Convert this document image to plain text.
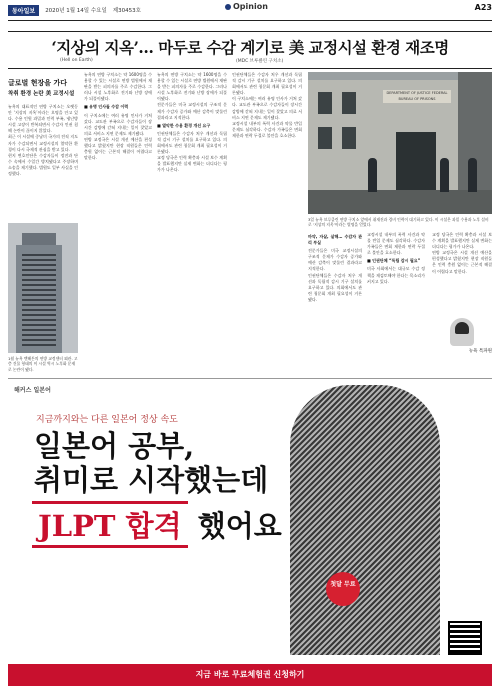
동아일보	2020년 1월 14일 수요일 제30453호	Opinion	A23
‘지상의 지옥’… 마두로 수감 계기로 美 교정시설 환경 재조명
(Hell on Earth)	(MDC 브루클린 구치소)
글로벌 현장을 가다
착취 환경 논란 美 교정시설

뉴욕의 대표적인 연방 구치소는 오랫동안 ‘지상의 지옥’이라는 오명을 안고 있다. 수용 인원 과밀과 인력 부족, 냉난방 시설 고장이 반복되면서 수감자 인권 침해 논란이 끊이지 않았다.

최근 이 시설에 중남미 국가의 전직 지도자가 수감되면서 교정시설의 열악한 환경이 다시 국제적 관심을 받고 있다.

현지 변호인단은 수감자들이 정전과 단수 속에서 수일간 방치됐다고 주장하며 소송을 제기했다. 법원도 일부 사실을 인정했다.

1월 뉴욕 맨해튼의 연방 교정센터 외관. 고층 건물 형태의 이 시설 역시 노후화 문제로 논란이 됐다.

뉴욕의 연방 구치소는 약 1600명을 수용할 수 있는 시설로 연방 법원에서 재판을 받는 피의자를 주로 수감한다. 그러나 시설 노후화로 전기와 난방 장애가 되풀이됐다.

■ 유명 인사들 수감 이력

이 구치소에는 여러 유명 인사가 거쳐 갔다. 교도관 부족으로 수감자들이 장시간 감방에 갇혀 지내는 일이 잦았고 의료 서비스 지연 문제도 제기됐다.

연방 교정국은 시설 개선 예산을 편성했다고 밝혔지만 현장 직원들은 인력 충원 없이는 근본적 해결이 어렵다고 말한다.

뉴욕의 연방 구치소는 약 1600명을 수용할 수 있는 시설로 연방 법원에서 재판을 받는 피의자를 주로 수감한다. 그러나 시설 노후화로 전기와 난방 장애가 되풀이됐다.

전문가들은 미국 교정시설의 구조적 문제가 수감자 증가와 예산 감축이 맞물린 결과라고 지적한다.

■ 열악한 수용 환경 개선 요구

인권단체들은 수감자 처우 개선과 독립적 감시 기구 설치를 요구하고 있다. 의회에서도 관련 청문회 개최 필요성이 거론됐다.

교정 당국은 인력 확충과 시설 보수 계획을 발표했지만 실제 변화는 더디다는 평가가 나온다.

인권단체들은 수감자 처우 개선과 독립적 감시 기구 설치를 요구하고 있다. 의회에서도 관련 청문회 개최 필요성이 거론됐다.

이 구치소에는 여러 유명 인사가 거쳐 갔다. 교도관 부족으로 수감자들이 장시간 감방에 갇혀 지내는 일이 잦았고 의료 서비스 지연 문제도 제기됐다.

교정시설 내부의 폭력 사건과 약물 반입 문제도 심각하다. 수감자 가족들은 면회 제한과 연락 두절로 불안을 호소한다.

DEPARTMENT OF JUSTICE FEDERAL BUREAU OF PRISONS
3일 뉴욕 브루클린 연방 구치소 앞에서 취재진과 경비 인력이 대기하고 있다. 이 시설은 과밀 수용과 노후 설비로 ‘지상의 지옥’이라는 별명을 얻었다.

마약, 자살, 살해… 수감자 관리 부실

전문가들은 미국 교정시설의 구조적 문제가 수감자 증가와 예산 감축이 맞물린 결과라고 지적한다.

인권단체들은 수감자 처우 개선과 독립적 감시 기구 설치를 요구하고 있다. 의회에서도 관련 청문회 개최 필요성이 거론됐다.

교정시설 내부의 폭력 사건과 약물 반입 문제도 심각하다. 수감자 가족들은 면회 제한과 연락 두절로 불안을 호소한다.

■ 인권단체 “독립 감시 필요”

미국 사회에서는 대규모 수감 정책을 재검토해야 한다는 목소리가 커지고 있다.

교정 당국은 인력 확충과 시설 보수 계획을 발표했지만 실제 변화는 더디다는 평가가 나온다.

연방 교정국은 시설 개선 예산을 편성했다고 밝혔지만 현장 직원들은 인력 충원 없이는 근본적 해결이 어렵다고 말한다.

뉴욕 특파원
해커스 일본어
지금까지와는 다른 일본어 정상 속도
일본어 공부,
취미로 시작했는데
JLPT 합격 했어요
첫달 무료
지금 바로 무료체험권 신청하기
